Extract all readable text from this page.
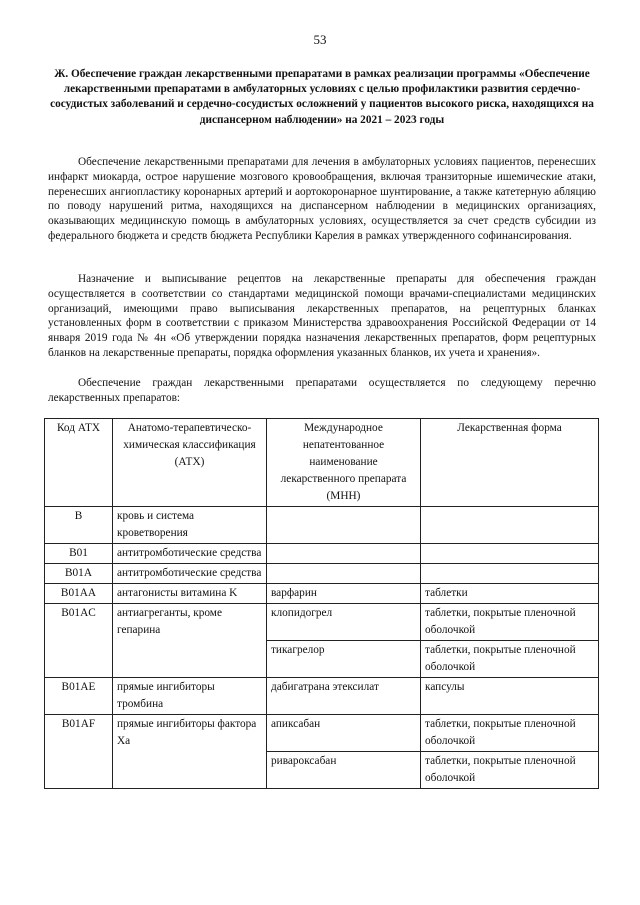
53
Ж. Обеспечение граждан лекарственными препаратами в рамках реализации программы «Обеспечение лекарственными препаратами в амбулаторных условиях с целью профилактики развития сердечно-сосудистых заболеваний и сердечно-сосудистых осложнений у пациентов высокого риска, находящихся на диспансерном наблюдении» на 2021 – 2023 годы

Обеспечение лекарственными препаратами для лечения в амбулаторных условиях пациентов, перенесших инфаркт миокарда, острое нарушение мозгового кровообращения, включая транзиторные ишемические атаки, перенесших ангиопластику коронарных артерий и аортокоронарное шунтирование, а также катетерную абляцию по поводу нарушений ритма, находящихся на диспансерном наблюдении в медицинских организациях, оказывающих медицинскую помощь в амбулаторных условиях, осуществляется за счет средств субсидии из федерального бюджета и средств бюджета Республики Карелия в рамках утвержденного софинансирования.

Назначение и выписывание рецептов на лекарственные препараты для обеспечения граждан осуществляется в соответствии со стандартами медицинской помощи врачами-специалистами медицинских организаций, имеющими право выписывания лекарственных препаратов, на рецептурных бланках установленных форм в соответствии с приказом Министерства здравоохранения Российской Федерации от 14 января 2019 года № 4н «Об утверждении порядка назначения лекарственных препаратов, форм рецептурных бланков на лекарственные препараты, порядка оформления указанных бланков, их учета и хранения».

Обеспечение граждан лекарственными препаратами осуществляется по следующему перечню лекарственных препаратов:

Код АТХ	Анатомо-терапевтическо-химическая классификация (АТХ)	Международное непатентованное наименование лекарственного препарата (МНН)	Лекарственная форма
B	кровь и система кроветворения		
B01	антитромботические средства		
B01A	антитромботические средства		
B01AA	антагонисты витамина K	варфарин	таблетки
B01AC	антиагреганты, кроме гепарина	клопидогрел	таблетки, покрытые пленочной оболочкой
		тикагрелор	таблетки, покрытые пленочной оболочкой
B01AE	прямые ингибиторы тромбина	дабигатрана этексилат	капсулы
B01AF	прямые ингибиторы фактора Xa	апиксабан	таблетки, покрытые пленочной оболочкой
		ривароксабан	таблетки, покрытые пленочной оболочкой
